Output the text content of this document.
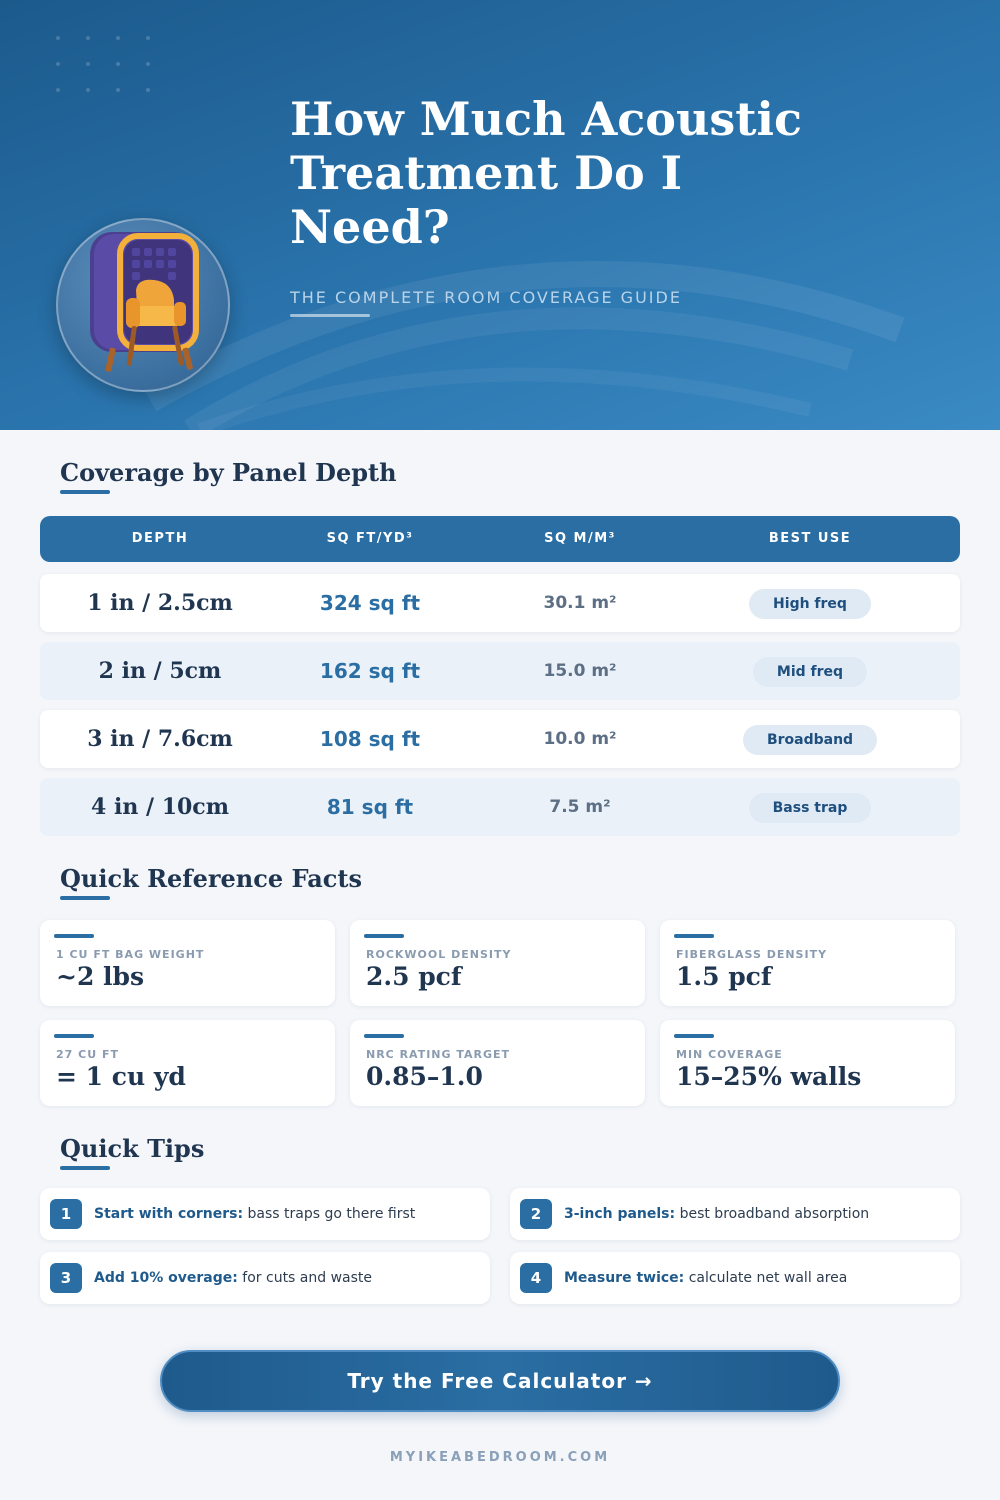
How Much Acoustic Treatment Do I Need?
THE COMPLETE ROOM COVERAGE GUIDE
Coverage by Panel Depth
DEPTH	SQ FT/YD³	SQ M/M³	BEST USE
1 in / 2.5cm	324 sq ft	30.1 m²	High freq
2 in / 5cm	162 sq ft	15.0 m²	Mid freq
3 in / 7.6cm	108 sq ft	10.0 m²	Broadband
4 in / 10cm	81 sq ft	7.5 m²	Bass trap
Quick Reference Facts
1 CU FT BAG WEIGHT
~2 lbs
ROCKWOOL DENSITY
2.5 pcf
FIBERGLASS DENSITY
1.5 pcf
27 CU FT
= 1 cu yd
NRC RATING TARGET
0.85–1.0
MIN COVERAGE
15–25% walls
Quick Tips
1	Start with corners: bass traps go there first	2	3-inch panels: best broadband absorption
3	Add 10% overage: for cuts and waste	4	Measure twice: calculate net wall area
Try the Free Calculator →
MYIKEABEDROOM.COM
